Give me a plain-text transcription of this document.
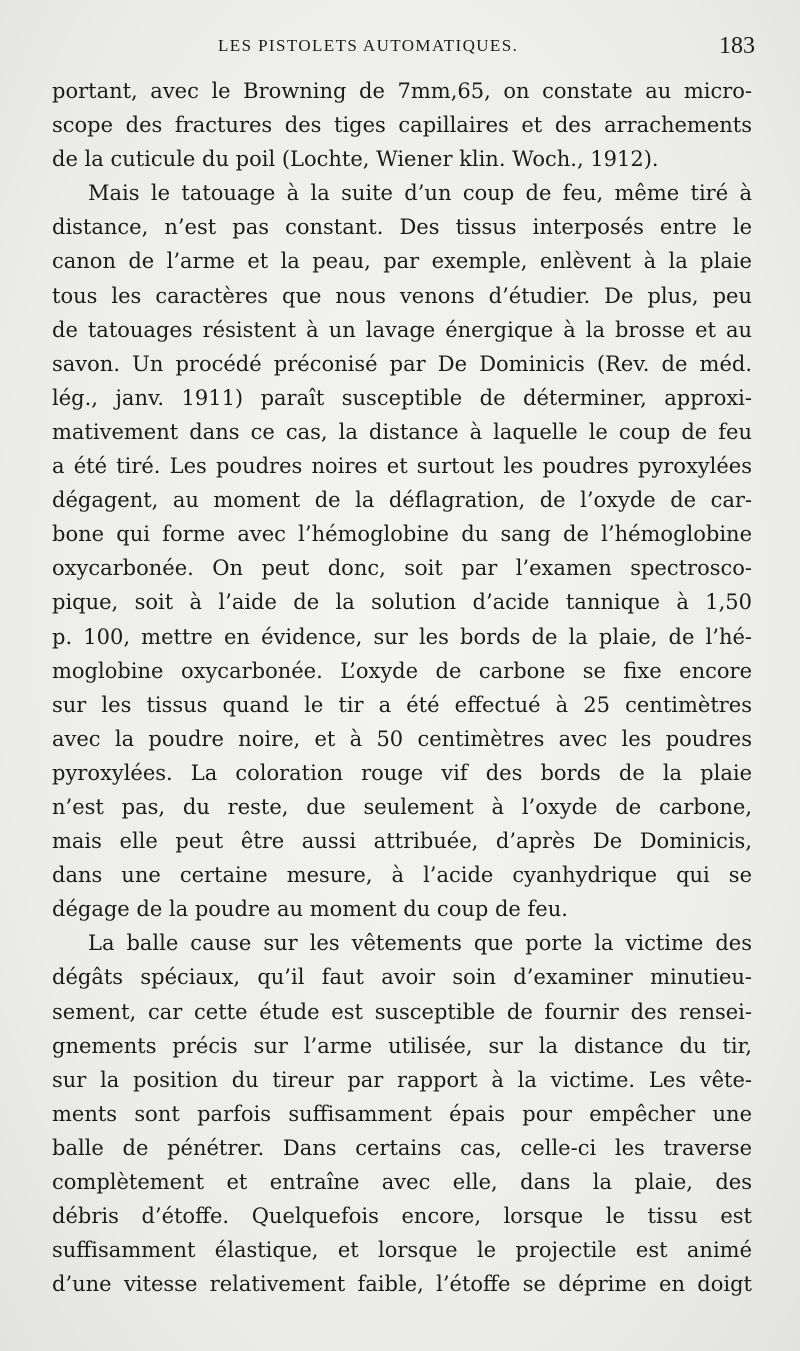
LES PISTOLETS AUTOMATIQUES.	183
portant, avec le Browning de 7mm,65, on constate au micro-
scope des fractures des tiges capillaires et des arrachements
de la cuticule du poil (Lochte, Wiener klin. Woch., 1912).
Mais le tatouage à la suite d’un coup de feu, même tiré à
distance, n’est pas constant. Des tissus interposés entre le
canon de l’arme et la peau, par exemple, enlèvent à la plaie
tous les caractères que nous venons d’étudier. De plus, peu
de tatouages résistent à un lavage énergique à la brosse et au
savon. Un procédé préconisé par De Dominicis (Rev. de méd.
lég., janv. 1911) paraît susceptible de déterminer, approxi-
mativement dans ce cas, la distance à laquelle le coup de feu
a été tiré. Les poudres noires et surtout les poudres pyroxylées
dégagent, au moment de la déflagration, de l’oxyde de car-
bone qui forme avec l’hémoglobine du sang de l’hémoglobine
oxycarbonée. On peut donc, soit par l’examen spectrosco-
pique, soit à l’aide de la solution d’acide tannique à 1,50
p. 100, mettre en évidence, sur les bords de la plaie, de l’hé-
moglobine oxycarbonée. L’oxyde de carbone se fixe encore
sur les tissus quand le tir a été effectué à 25 centimètres
avec la poudre noire, et à 50 centimètres avec les poudres
pyroxylées. La coloration rouge vif des bords de la plaie
n’est pas, du reste, due seulement à l’oxyde de carbone,
mais elle peut être aussi attribuée, d’après De Dominicis,
dans une certaine mesure, à l’acide cyanhydrique qui se
dégage de la poudre au moment du coup de feu.
La balle cause sur les vêtements que porte la victime des
dégâts spéciaux, qu’il faut avoir soin d’examiner minutieu-
sement, car cette étude est susceptible de fournir des rensei-
gnements précis sur l’arme utilisée, sur la distance du tir,
sur la position du tireur par rapport à la victime. Les vête-
ments sont parfois suffisamment épais pour empêcher une
balle de pénétrer. Dans certains cas, celle-ci les traverse
complètement et entraîne avec elle, dans la plaie, des
débris d’étoffe. Quelquefois encore, lorsque le tissu est
suffisamment élastique, et lorsque le projectile est animé
d’une vitesse relativement faible, l’étoffe se déprime en doigt
